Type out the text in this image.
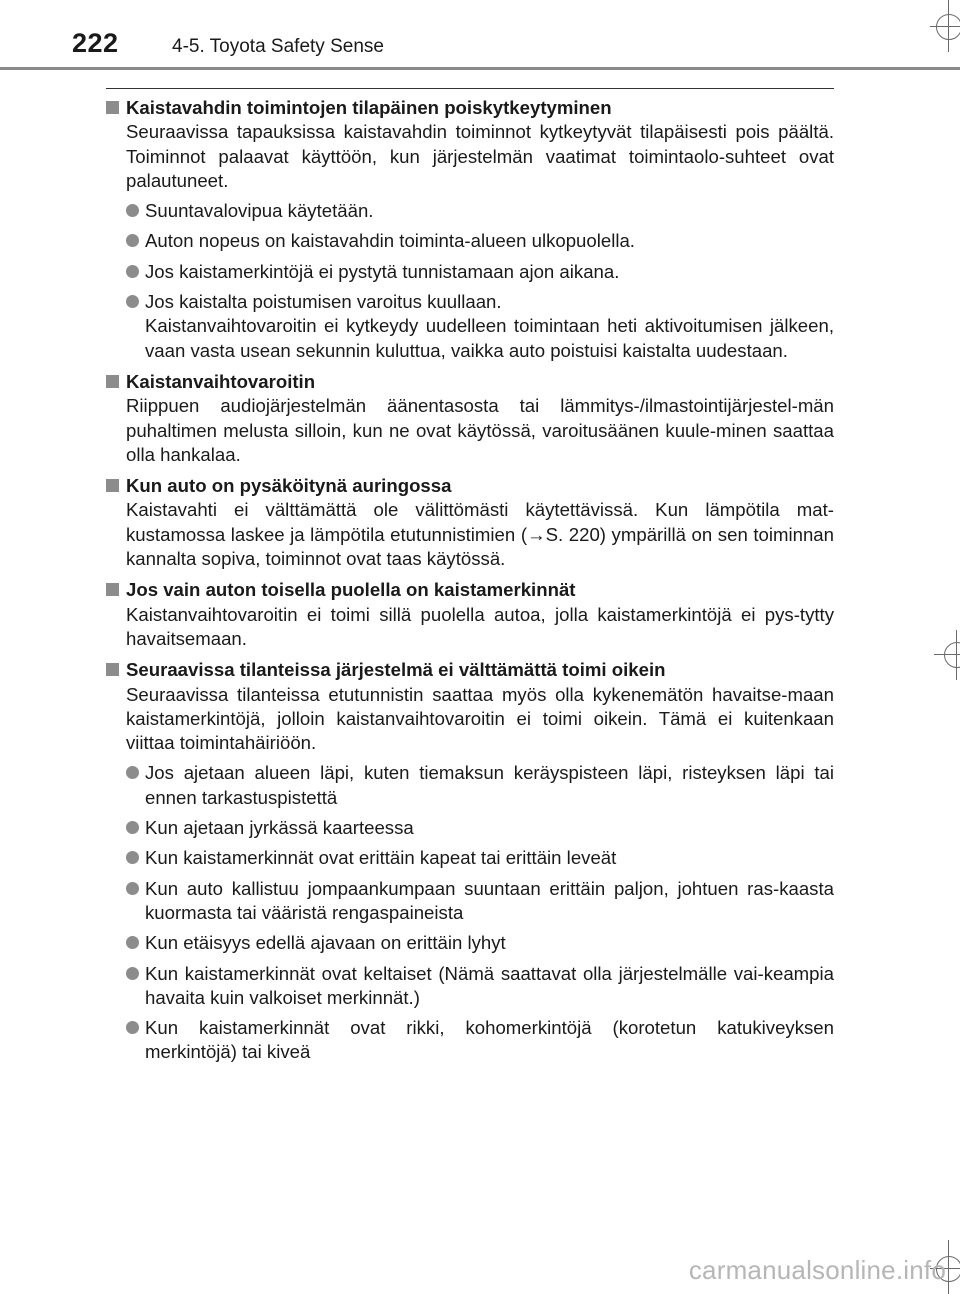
222	4-5. Toyota Safety Sense
Kaistavahdin toimintojen tilapäinen poiskytkeytyminen
Seuraavissa tapauksissa kaistavahdin toiminnot kytkeytyvät tilapäisesti pois päältä. Toiminnot palaavat käyttöön, kun järjestelmän vaatimat toimintaolo-suhteet ovat palautuneet.
Suuntavalovipua käytetään.
Auton nopeus on kaistavahdin toiminta-alueen ulkopuolella.
Jos kaistamerkintöjä ei pystytä tunnistamaan ajon aikana.
Jos kaistalta poistumisen varoitus kuullaan.
Kaistanvaihtovaroitin ei kytkeydy uudelleen toimintaan heti aktivoitumisen jälkeen, vaan vasta usean sekunnin kuluttua, vaikka auto poistuisi kaistalta uudestaan.
Kaistanvaihtovaroitin
Riippuen audiojärjestelmän äänentasosta tai lämmitys-/ilmastointijärjestel-män puhaltimen melusta silloin, kun ne ovat käytössä, varoitusäänen kuule-minen saattaa olla hankalaa.
Kun auto on pysäköitynä auringossa
Kaistavahti ei välttämättä ole välittömästi käytettävissä. Kun lämpötila mat-kustamossa laskee ja lämpötila etutunnistimien (→S. 220) ympärillä on sen toiminnan kannalta sopiva, toiminnot ovat taas käytössä.
Jos vain auton toisella puolella on kaistamerkinnät
Kaistanvaihtovaroitin ei toimi sillä puolella autoa, jolla kaistamerkintöjä ei pys-tytty havaitsemaan.
Seuraavissa tilanteissa järjestelmä ei välttämättä toimi oikein
Seuraavissa tilanteissa etutunnistin saattaa myös olla kykenemätön havaitse-maan kaistamerkintöjä, jolloin kaistanvaihtovaroitin ei toimi oikein. Tämä ei kuitenkaan viittaa toimintahäiriöön.
Jos ajetaan alueen läpi, kuten tiemaksun keräyspisteen läpi, risteyksen läpi tai ennen tarkastuspistettä
Kun ajetaan jyrkässä kaarteessa
Kun kaistamerkinnät ovat erittäin kapeat tai erittäin leveät
Kun auto kallistuu jompaankumpaan suuntaan erittäin paljon, johtuen ras-kaasta kuormasta tai vääristä rengaspaineista
Kun etäisyys edellä ajavaan on erittäin lyhyt
Kun kaistamerkinnät ovat keltaiset (Nämä saattavat olla järjestelmälle vai-keampia havaita kuin valkoiset merkinnät.)
Kun kaistamerkinnät ovat rikki, kohomerkintöjä (korotetun katukiveyksen merkintöjä) tai kiveä
carmanualsonline.info
